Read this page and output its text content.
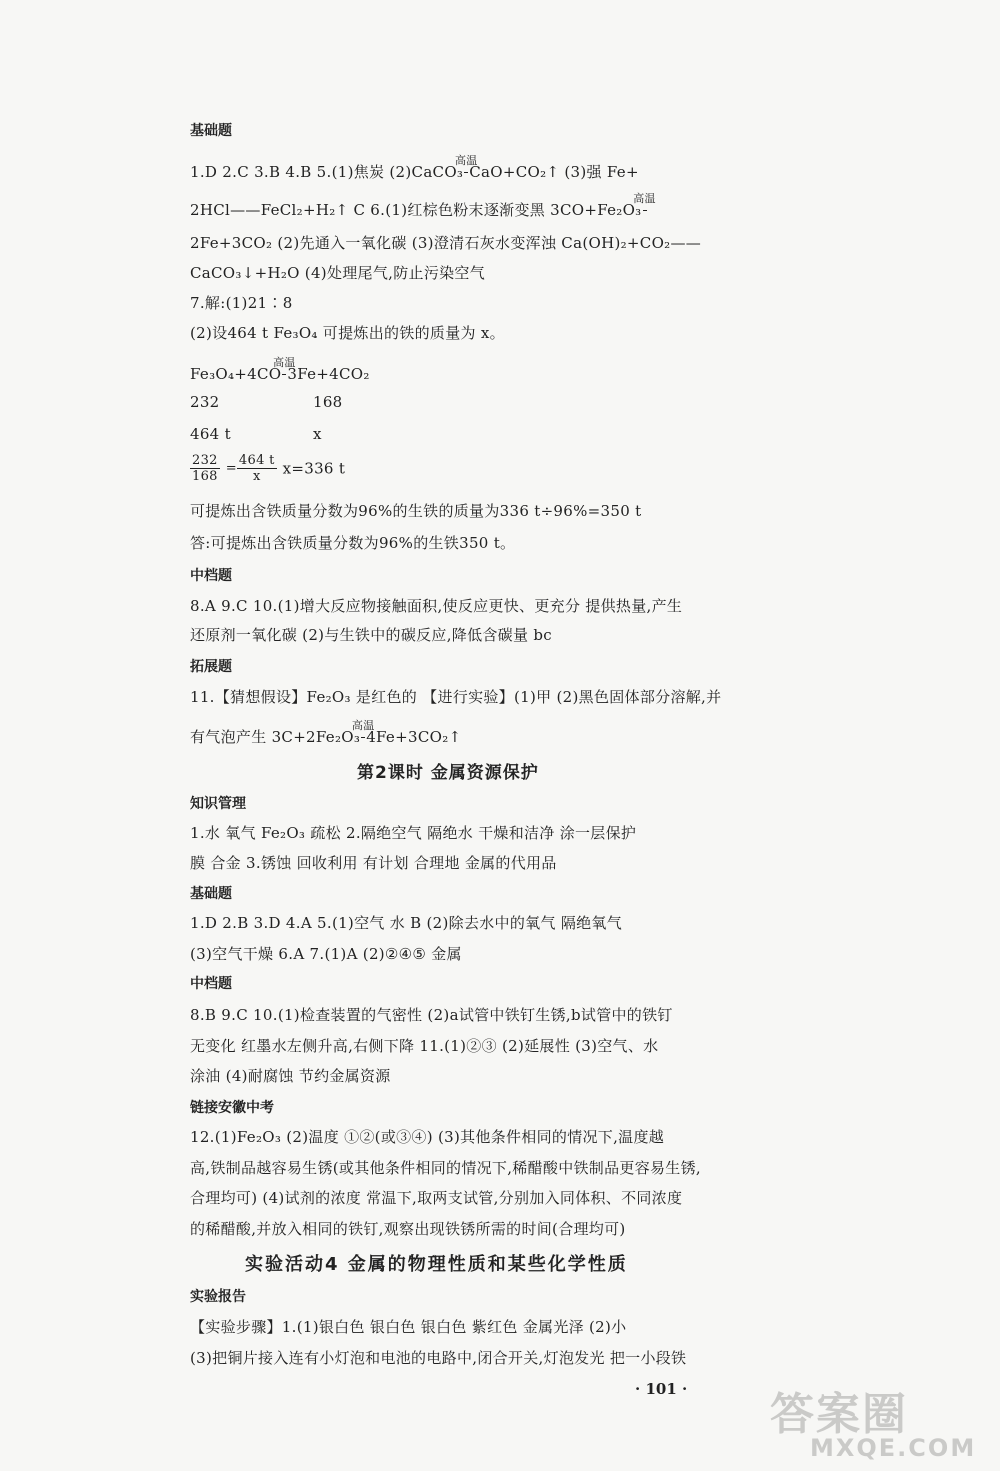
基础题
1.D 2.C 3.B 4.B 5.(1)焦炭 (2)CaCO₃
高温
CaO+CO₂↑ (3)强 Fe+
2HCl——FeCl₂+H₂↑ C 6.(1)红棕色粉末逐渐变黑 3CO+Fe₂O₃
高温
2Fe+3CO₂ (2)先通入一氧化碳 (3)澄清石灰水变浑浊 Ca(OH)₂+CO₂——
CaCO₃↓+H₂O (4)处理尾气,防止污染空气
7.解:(1)21∶8
(2)设464 t Fe₃O₄ 可提炼出的铁的质量为 x。
Fe₃O₄+4CO
高温
3Fe+4CO₂
232	168
464 t	x
$\frac{232}{168} = \frac{464 t}{x} x=336$ t
可提炼出含铁质量分数为96%的生铁的质量为336 t÷96%=350 t
答:可提炼出含铁质量分数为96%的生铁350 t。
中档题
8.A 9.C 10.(1)增大反应物接触面积,使反应更快、更充分 提供热量,产生
还原剂一氧化碳 (2)与生铁中的碳反应,降低含碳量 bc
拓展题
11.【猜想假设】Fe₂O₃ 是红色的 【进行实验】(1)甲 (2)黑色固体部分溶解,并
有气泡产生 3C+2Fe₂O₃
高温
4Fe+3CO₂↑
第2课时 金属资源保护
知识管理
1.水 氧气 Fe₂O₃ 疏松 2.隔绝空气 隔绝水 干燥和洁净 涂一层保护
膜 合金 3.锈蚀 回收利用 有计划 合理地 金属的代用品
基础题
1.D 2.B 3.D 4.A 5.(1)空气 水 B (2)除去水中的氧气 隔绝氧气
(3)空气干燥 6.A 7.(1)A (2)②④⑤ 金属
中档题
8.B 9.C 10.(1)检查装置的气密性 (2)a试管中铁钉生锈,b试管中的铁钉
无变化 红墨水左侧升高,右侧下降 11.(1)②③ (2)延展性 (3)空气、水
涂油 (4)耐腐蚀 节约金属资源
链接安徽中考
12.(1)Fe₂O₃ (2)温度 ①②(或③④) (3)其他条件相同的情况下,温度越
高,铁制品越容易生锈(或其他条件相同的情况下,稀醋酸中铁制品更容易生锈,
合理均可) (4)试剂的浓度 常温下,取两支试管,分别加入同体积、不同浓度
的稀醋酸,并放入相同的铁钉,观察出现铁锈所需的时间(合理均可)
实验活动4 金属的物理性质和某些化学性质
实验报告
【实验步骤】1.(1)银白色 银白色 银白色 紫红色 金属光泽 (2)小
(3)把铜片接入连有小灯泡和电池的电路中,闭合开关,灯泡发光 把一小段铁
· 101 · 答案圈
MXQE.COM
